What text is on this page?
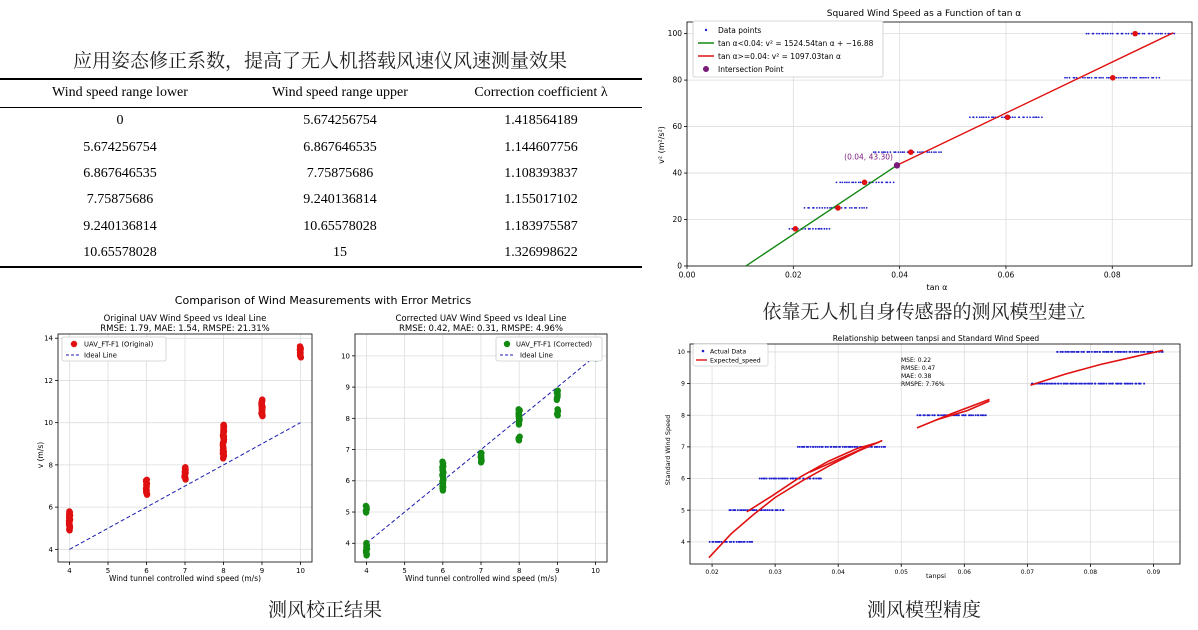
应用姿态修正系数，提高了无人机搭载风速仪风速测量效果
Wind speed range lower	Wind speed range upper	Correction coefficient λ
0	5.674256754	1.418564189
5.674256754	6.867646535	1.144607756
6.867646535	7.75875686	1.108393837
7.75875686	9.240136814	1.155017102
9.240136814	10.65578028	1.183975587
10.65578028	15	1.326998622
Squared Wind Speed as a Function of tan α
tan α
v² (m²/s²)
0.00	0.02	0.04	0.06	0.08
0
20
40
60
80
100
(0.04, 43.30)
Data points
tan α<0.04: v² = 1524.54tan α + −16.88
tan α>=0.04: v² = 1097.03tan α
Intersection Point
依靠无人机自身传感器的测风模型建立
Comparison of Wind Measurements with Error Metrics
Original UAV Wind Speed vs Ideal Line
RMSE: 1.79, MAE: 1.54, RMSPE: 21.31%
Wind tunnel controlled wind speed (m/s)
v (m/s)
Corrected UAV Wind Speed vs Ideal Line
RMSE: 0.42, MAE: 0.31, RMSPE: 4.96%
Wind tunnel controlled wind speed (m/s)
4	5	6	7	8	9	10
4
6
8
10
12
14
4	5	6	7	8	9	10
4
5
6
7
8
9
10
UAV_FT-F1 (Original)
Ideal Line
UAV_FT-F1 (Corrected)
Ideal Line
测风校正结果
Relationship between tanpsi and Standard Wind Speed
tanpsi
Standard Wind Speed
0.02	0.03	0.04	0.05	0.06	0.07	0.08	0.09
4
5
6
7
8
9
10	Actual Data
Expected_speed	MSE: 0.22
RMSE: 0.47
MAE: 0.38
RMSPE: 7.76%
测风模型精度
